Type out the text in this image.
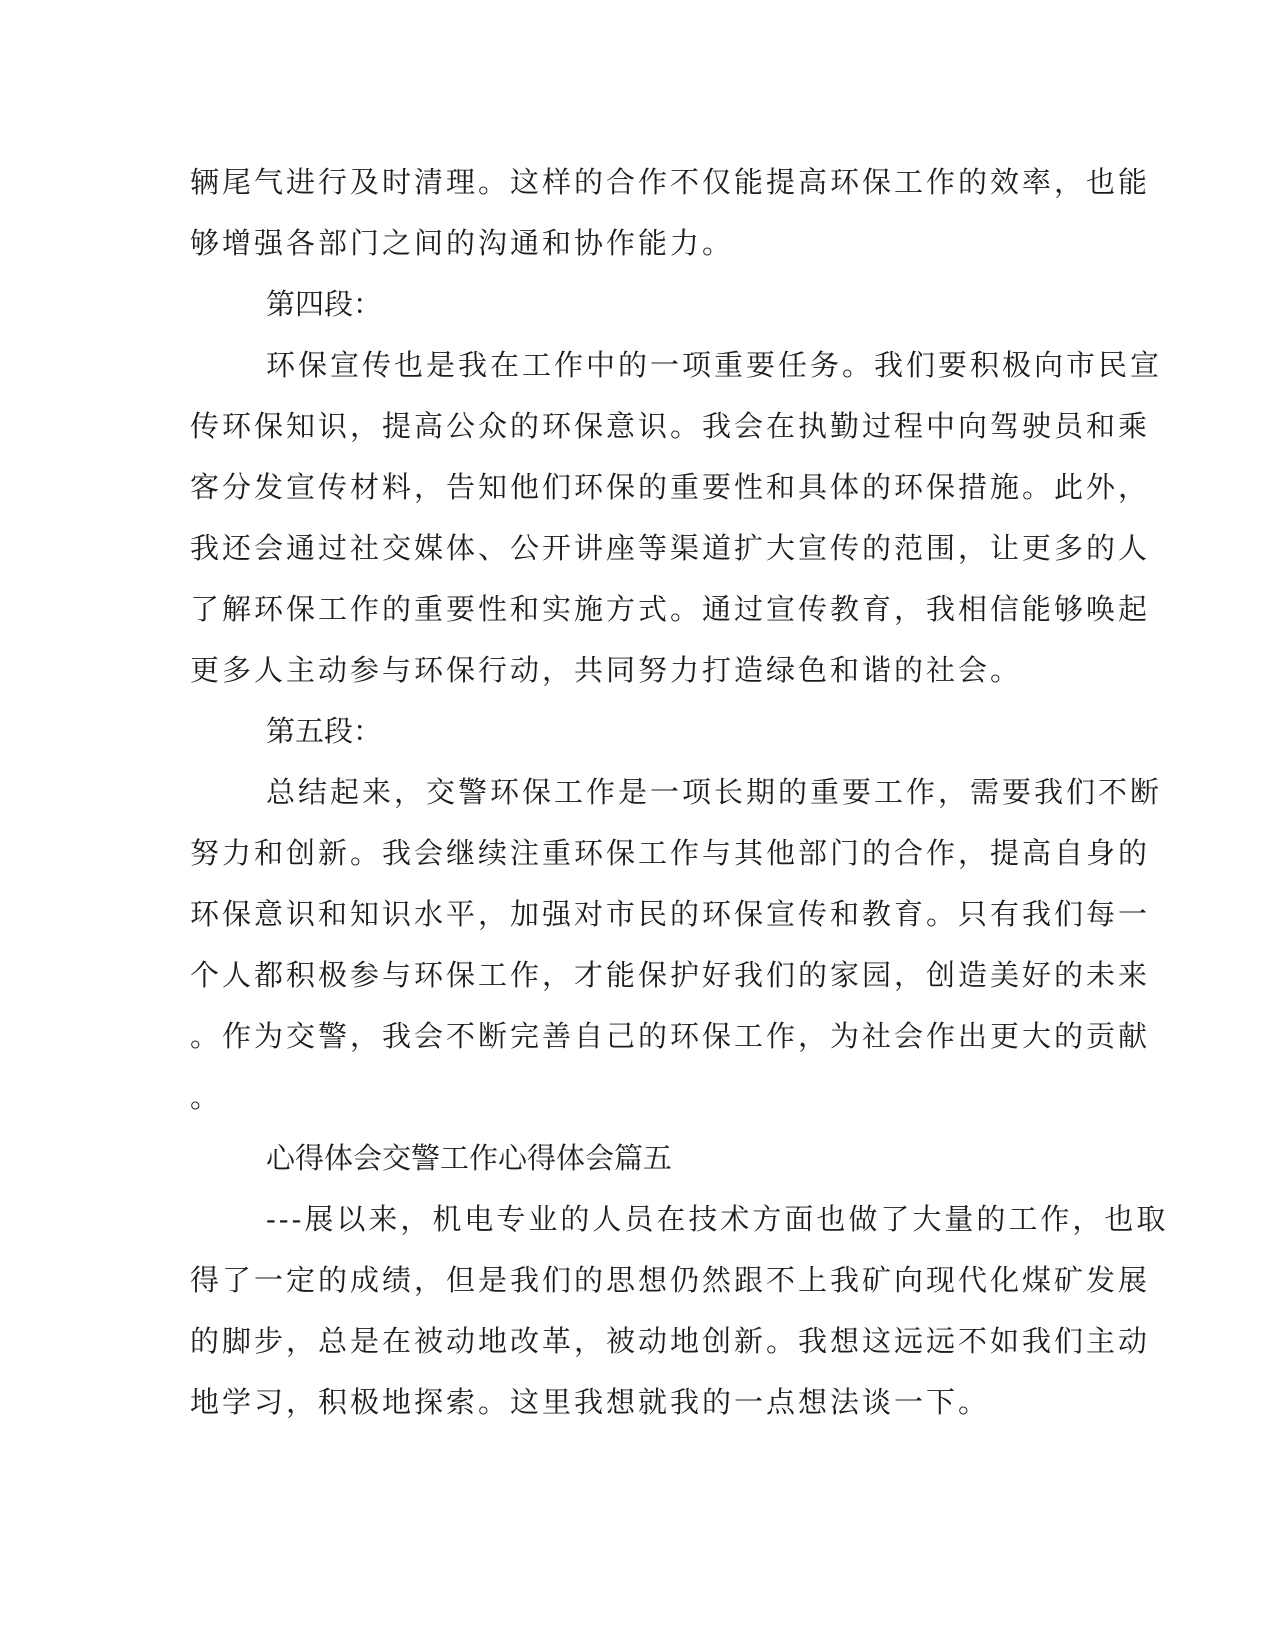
辆尾气进行及时清理。这样的合作不仅能提高环保工作的效率，也能
够增强各部门之间的沟通和协作能力。
第四段：
环保宣传也是我在工作中的一项重要任务。我们要积极向市民宣
传环保知识，提高公众的环保意识。我会在执勤过程中向驾驶员和乘
客分发宣传材料，告知他们环保的重要性和具体的环保措施。此外，
我还会通过社交媒体、公开讲座等渠道扩大宣传的范围，让更多的人
了解环保工作的重要性和实施方式。通过宣传教育，我相信能够唤起
更多人主动参与环保行动，共同努力打造绿色和谐的社会。
第五段：
总结起来，交警环保工作是一项长期的重要工作，需要我们不断
努力和创新。我会继续注重环保工作与其他部门的合作，提高自身的
环保意识和知识水平，加强对市民的环保宣传和教育。只有我们每一
个人都积极参与环保工作，才能保护好我们的家园，创造美好的未来
。作为交警，我会不断完善自己的环保工作，为社会作出更大的贡献
。
心得体会交警工作心得体会篇五
---展以来，机电专业的人员在技术方面也做了大量的工作，也取
得了一定的成绩，但是我们的思想仍然跟不上我矿向现代化煤矿发展
的脚步，总是在被动地改革，被动地创新。我想这远远不如我们主动
地学习，积极地探索。这里我想就我的一点想法谈一下。
